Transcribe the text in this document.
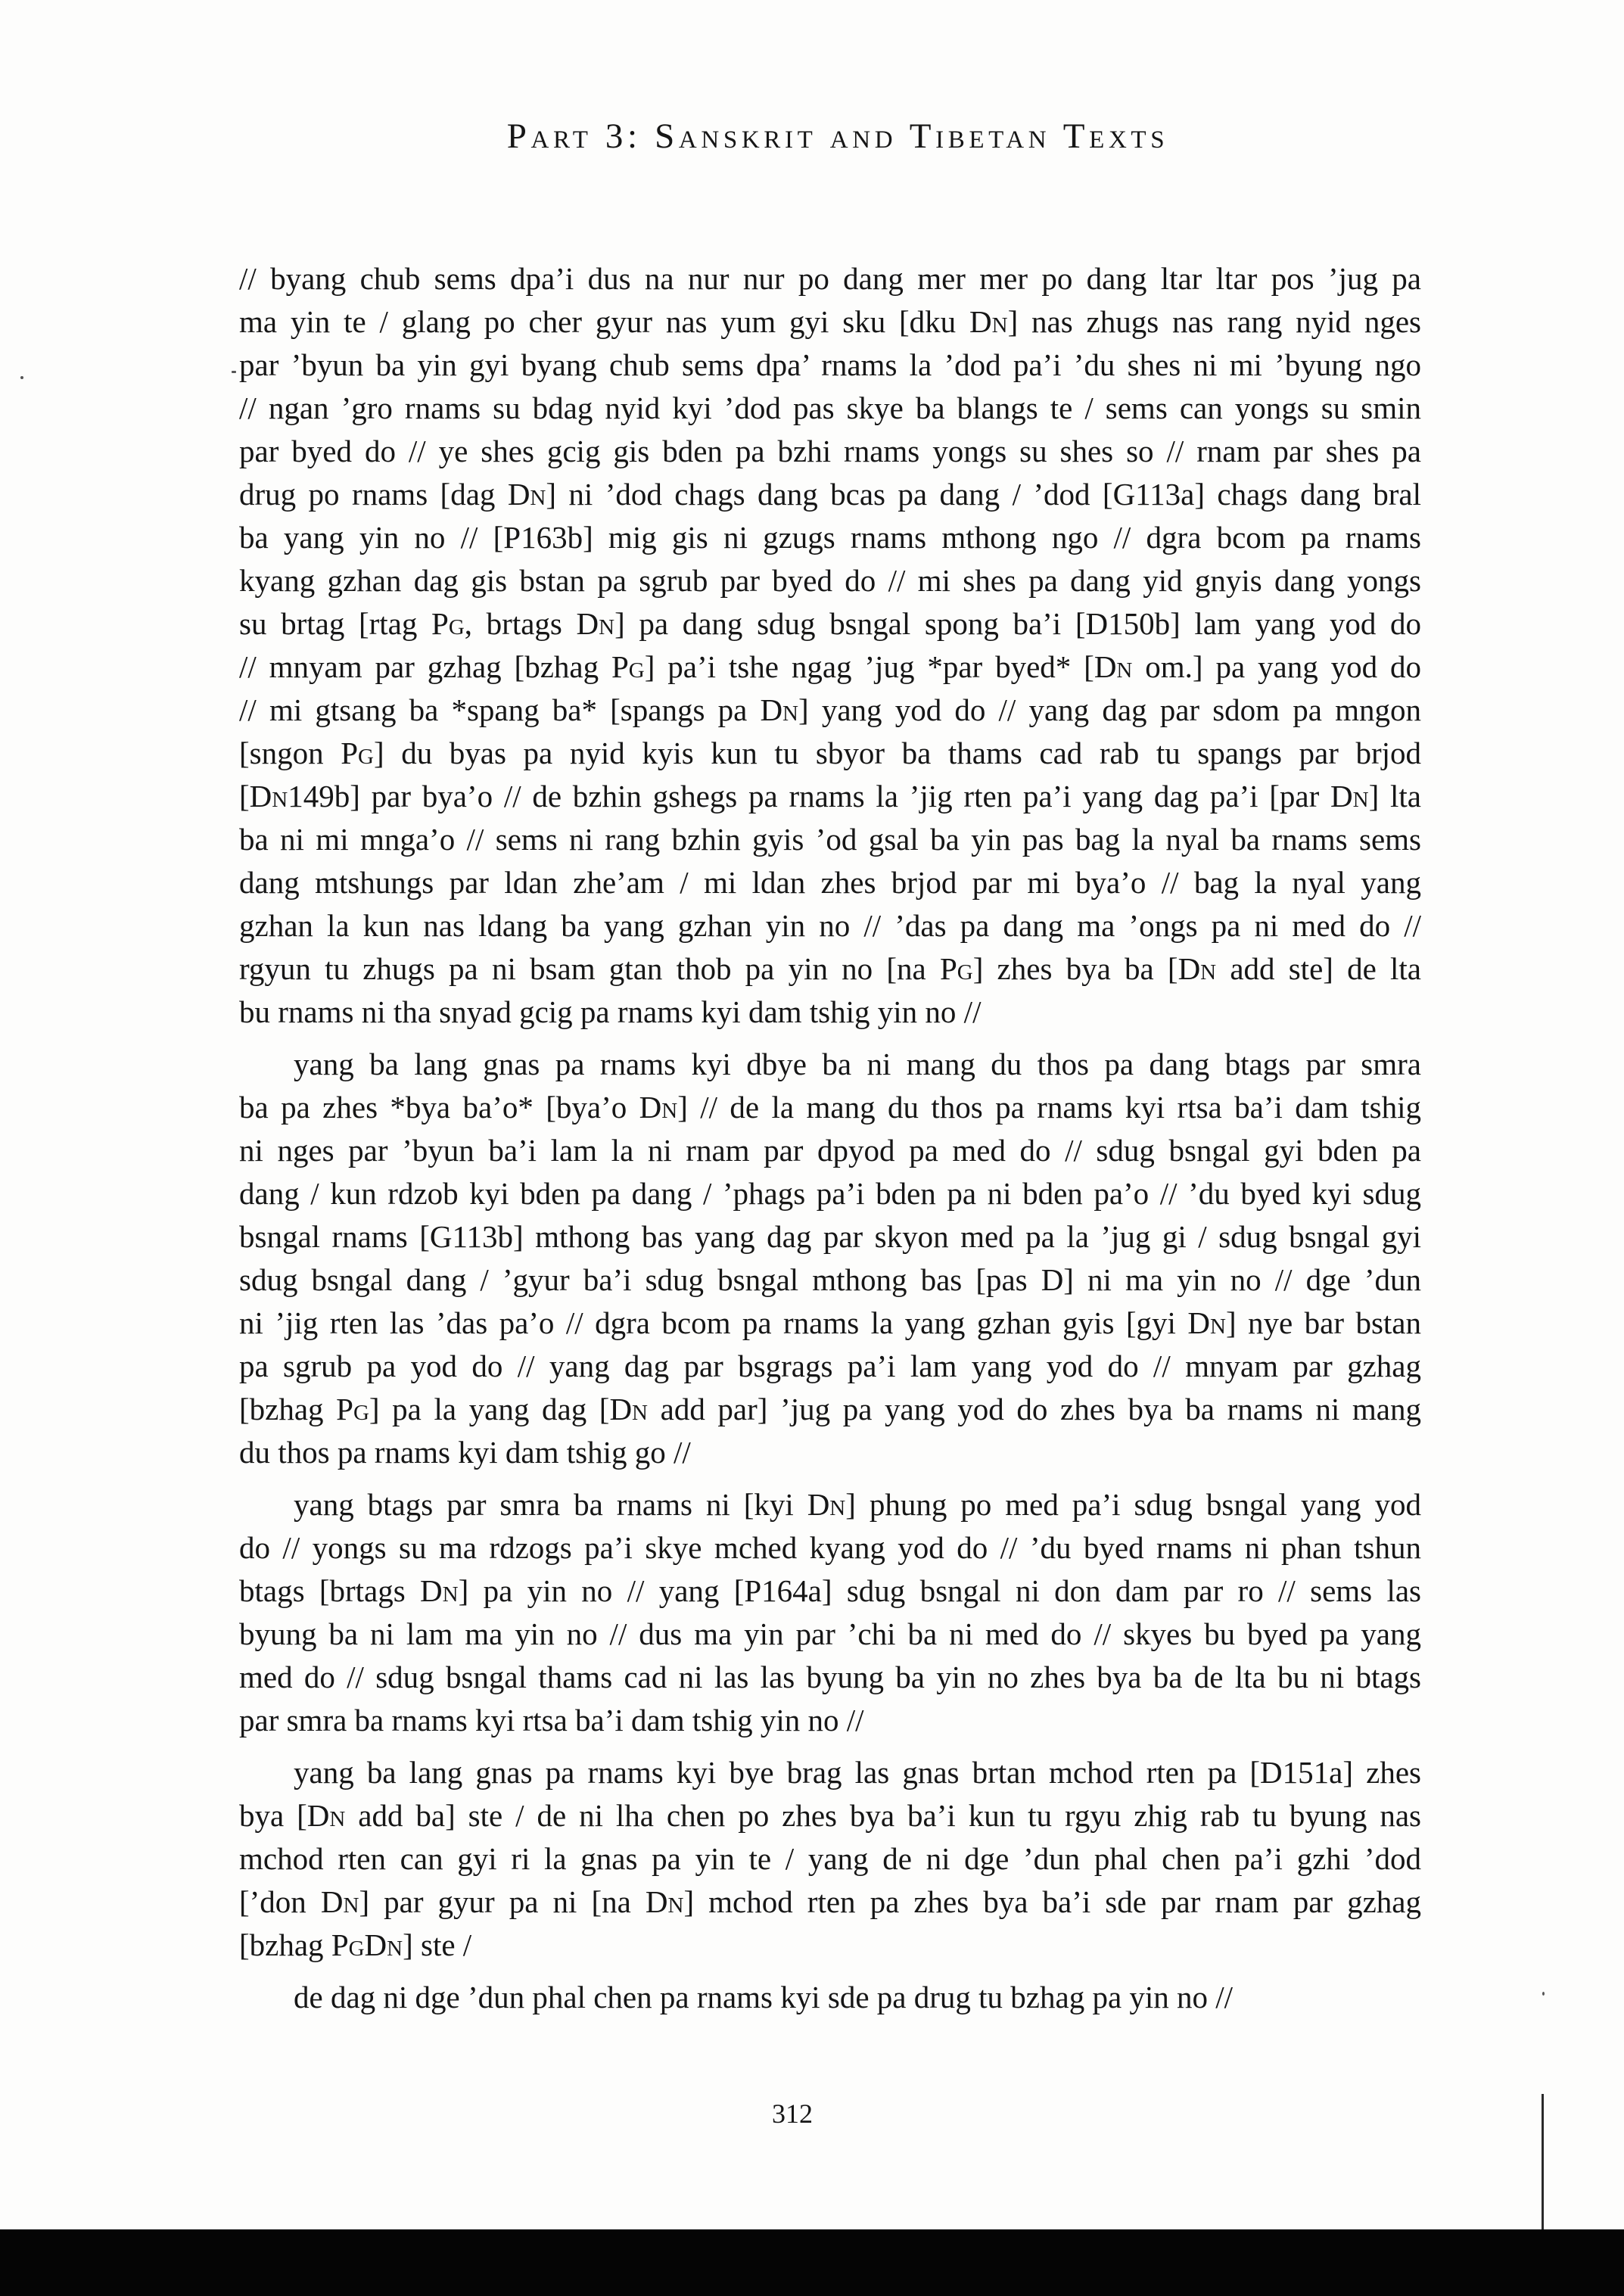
Part 3: Sanskrit and Tibetan Texts
// byang chub sems dpa’i dus na nur nur po dang mer mer po dang ltar ltar pos ’jug pa
ma yin te / glang po cher gyur nas yum gyi sku [dku Dn] nas zhugs nas rang nyid nges
par ’byun ba yin gyi byang chub sems dpa’ rnams la ’dod pa’i ’du shes ni mi ’byung ngo
// ngan ’gro rnams su bdag nyid kyi ’dod pas skye ba blangs te / sems can yongs su smin
par byed do // ye shes gcig gis bden pa bzhi rnams yongs su shes so // rnam par shes pa
drug po rnams [dag Dn] ni ’dod chags dang bcas pa dang / ’dod [G113a] chags dang bral
ba yang yin no // [P163b] mig gis ni gzugs rnams mthong ngo // dgra bcom pa rnams
kyang gzhan dag gis bstan pa sgrub par byed do // mi shes pa dang yid gnyis dang yongs
su brtag [rtag Pg, brtags Dn] pa dang sdug bsngal spong ba’i [D150b] lam yang yod do
// mnyam par gzhag [bzhag Pg] pa’i tshe ngag ’jug *par byed* [Dn om.] pa yang yod do
// mi gtsang ba *spang ba* [spangs pa Dn] yang yod do // yang dag par sdom pa mngon
[sngon Pg] du byas pa nyid kyis kun tu sbyor ba thams cad rab tu spangs par brjod
[Dn149b] par bya’o // de bzhin gshegs pa rnams la ’jig rten pa’i yang dag pa’i [par Dn] lta
ba ni mi mnga’o // sems ni rang bzhin gyis ’od gsal ba yin pas bag la nyal ba rnams sems
dang mtshungs par ldan zhe’am / mi ldan zhes brjod par mi bya’o // bag la nyal yang
gzhan la kun nas ldang ba yang gzhan yin no // ’das pa dang ma ’ongs pa ni med do //
rgyun tu zhugs pa ni bsam gtan thob pa yin no [na Pg] zhes bya ba [Dn add ste] de lta
bu rnams ni tha snyad gcig pa rnams kyi dam tshig yin no //
yang ba lang gnas pa rnams kyi dbye ba ni mang du thos pa dang btags par smra
ba pa zhes *bya ba’o* [bya’o Dn] // de la mang du thos pa rnams kyi rtsa ba’i dam tshig
ni nges par ’byun ba’i lam la ni rnam par dpyod pa med do // sdug bsngal gyi bden pa
dang / kun rdzob kyi bden pa dang / ’phags pa’i bden pa ni bden pa’o // ’du byed kyi sdug
bsngal rnams [G113b] mthong bas yang dag par skyon med pa la ’jug gi / sdug bsngal gyi
sdug bsngal dang / ’gyur ba’i sdug bsngal mthong bas [pas D] ni ma yin no // dge ’dun
ni ’jig rten las ’das pa’o // dgra bcom pa rnams la yang gzhan gyis [gyi Dn] nye bar bstan
pa sgrub pa yod do // yang dag par bsgrags pa’i lam yang yod do // mnyam par gzhag
[bzhag Pg] pa la yang dag [Dn add par] ’jug pa yang yod do zhes bya ba rnams ni mang
du thos pa rnams kyi dam tshig go //
yang btags par smra ba rnams ni [kyi Dn] phung po med pa’i sdug bsngal yang yod
do // yongs su ma rdzogs pa’i skye mched kyang yod do // ’du byed rnams ni phan tshun
btags [brtags Dn] pa yin no // yang [P164a] sdug bsngal ni don dam par ro // sems las
byung ba ni lam ma yin no // dus ma yin par ’chi ba ni med do // skyes bu byed pa yang
med do // sdug bsngal thams cad ni las las byung ba yin no zhes bya ba de lta bu ni btags
par smra ba rnams kyi rtsa ba’i dam tshig yin no //
yang ba lang gnas pa rnams kyi bye brag las gnas brtan mchod rten pa [D151a] zhes
bya [Dn add ba] ste / de ni lha chen po zhes bya ba’i kun tu rgyu zhig rab tu byung nas
mchod rten can gyi ri la gnas pa yin te / yang de ni dge ’dun phal chen pa’i gzhi ’dod
[’don Dn] par gyur pa ni [na Dn] mchod rten pa zhes bya ba’i sde par rnam par gzhag
[bzhag PgDn] ste /
de dag ni dge ’dun phal chen pa rnams kyi sde pa drug tu bzhag pa yin no //
312
